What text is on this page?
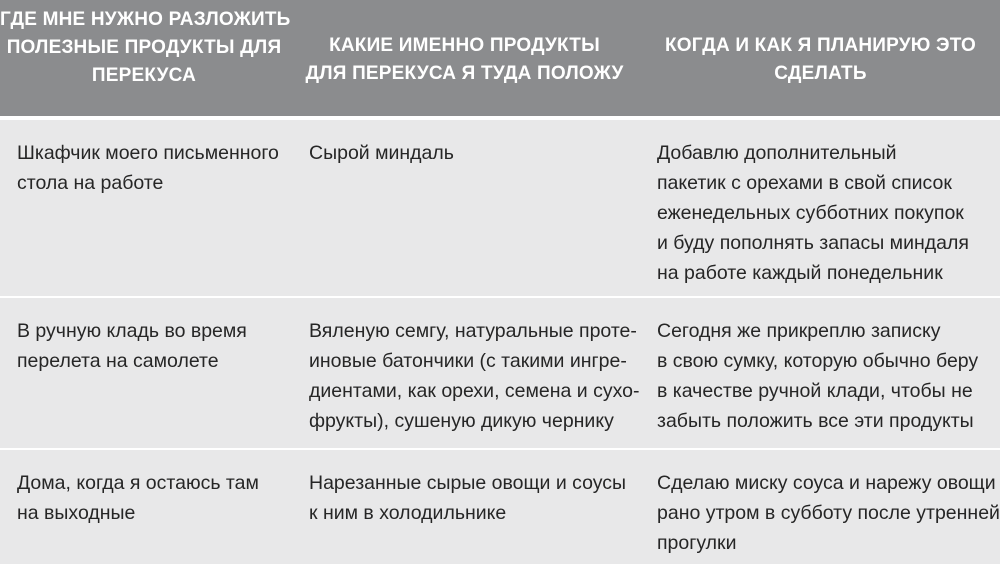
ГДЕ МНЕ НУЖНО РАЗЛОЖИТЬ
ПОЛЕЗНЫЕ ПРОДУКТЫ ДЛЯ
ПЕРЕКУСА
КАКИЕ ИМЕННО ПРОДУКТЫ
ДЛЯ ПЕРЕКУСА Я ТУДА ПОЛОЖУ
КОГДА И КАК Я ПЛАНИРУЮ ЭТО
СДЕЛАТЬ
Шкафчик моего письменного
стола на работе
Сырой миндаль	Добавлю дополнительный
пакетик с орехами в свой список
еженедельных субботних покупок
и буду пополнять запасы миндаля
на работе каждый понедельник
В ручную кладь во время
перелета на самолете
Вяленую семгу, натуральные проте-
иновые батончики (с такими ингре-
диентами, как орехи, семена и сухо-
фрукты), сушеную дикую чернику
Сегодня же прикреплю записку
в свою сумку, которую обычно беру
в качестве ручной клади, чтобы не
забыть положить все эти продукты
Дома, когда я остаюсь там
на выходные
Нарезанные сырые овощи и соусы
к ним в холодильнике
Сделаю миску соуса и нарежу овощи
рано утром в субботу после утренней
прогулки
